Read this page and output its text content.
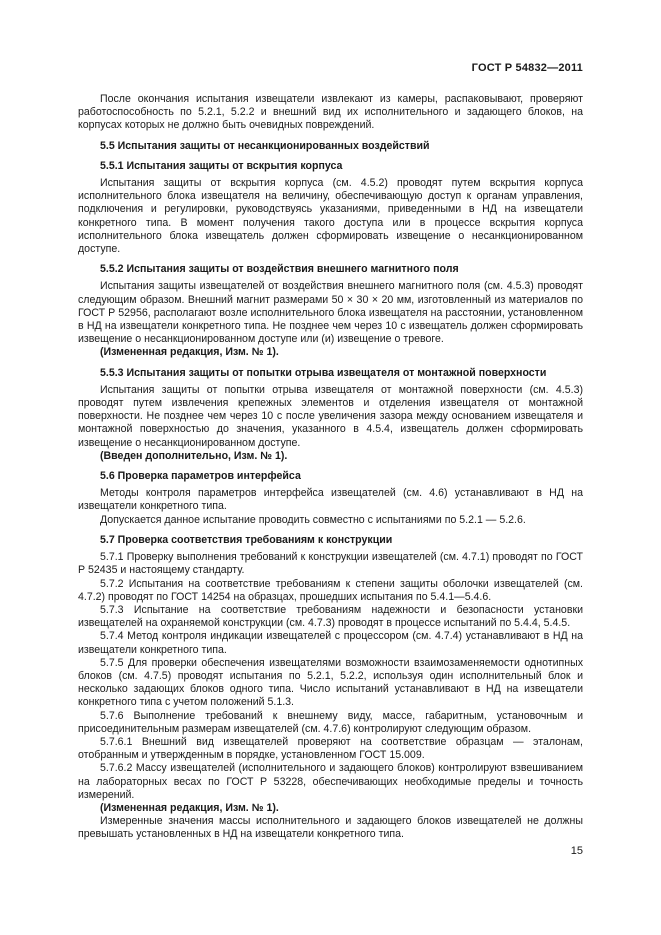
ГОСТ Р 54832—2011

После окончания испытания извещатели извлекают из камеры, распаковывают, проверяют работоспособность по 5.2.1, 5.2.2 и внешний вид их исполнительного и задающего блоков, на корпусах которых не должно быть очевидных повреждений.

5.5 Испытания защиты от несанкционированных воздействий

5.5.1 Испытания защиты от вскрытия корпуса

Испытания защиты от вскрытия корпуса (см. 4.5.2) проводят путем вскрытия корпуса исполнительного блока извещателя на величину, обеспечивающую доступ к органам управления, подключения и регулировки, руководствуясь указаниями, приведенными в НД на извещатели конкретного типа. В момент получения такого доступа или в процессе вскрытия корпуса исполнительного блока извещатель должен сформировать извещение о несанкционированном доступе.

5.5.2 Испытания защиты от воздействия внешнего магнитного поля

Испытания защиты извещателей от воздействия внешнего магнитного поля (см. 4.5.3) проводят следующим образом. Внешний магнит размерами 50 × 30 × 20 мм, изготовленный из материалов по ГОСТ Р 52956, располагают возле исполнительного блока извещателя на расстоянии, установленном в НД на извещатели конкретного типа. Не позднее чем через 10 с извещатель должен сформировать извещение о несанкционированном доступе или (и) извещение о тревоге.

(Измененная редакция, Изм. № 1).

5.5.3 Испытания защиты от попытки отрыва извещателя от монтажной поверхности

Испытания защиты от попытки отрыва извещателя от монтажной поверхности (см. 4.5.3) проводят путем извлечения крепежных элементов и отделения извещателя от монтажной поверхности. Не позднее чем через 10 с после увеличения зазора между основанием извещателя и монтажной поверхностью до значения, указанного в 4.5.4, извещатель должен сформировать извещение о несанкционированном доступе.

(Введен дополнительно, Изм. № 1).

5.6 Проверка параметров интерфейса

Методы контроля параметров интерфейса извещателей (см. 4.6) устанавливают в НД на извещатели конкретного типа.

Допускается данное испытание проводить совместно с испытаниями по 5.2.1 — 5.2.6.

5.7 Проверка соответствия требованиям к конструкции

5.7.1 Проверку выполнения требований к конструкции извещателей (см. 4.7.1) проводят по ГОСТ Р 52435 и настоящему стандарту.

5.7.2 Испытания на соответствие требованиям к степени защиты оболочки извещателей (см. 4.7.2) проводят по ГОСТ 14254 на образцах, прошедших испытания по 5.4.1—5.4.6.

5.7.3 Испытание на соответствие требованиям надежности и безопасности установки извещателей на охраняемой конструкции (см. 4.7.3) проводят в процессе испытаний по 5.4.4, 5.4.5.

5.7.4 Метод контроля индикации извещателей с процессором (см. 4.7.4) устанавливают в НД на извещатели конкретного типа.

5.7.5 Для проверки обеспечения извещателями возможности взаимозаменяемости однотипных блоков (см. 4.7.5) проводят испытания по 5.2.1, 5.2.2, используя один исполнительный блок и несколько задающих блоков одного типа. Число испытаний устанавливают в НД на извещатели конкретного типа с учетом положений 5.1.3.

5.7.6 Выполнение требований к внешнему виду, массе, габаритным, установочным и присоединительным размерам извещателей (см. 4.7.6) контролируют следующим образом.

5.7.6.1 Внешний вид извещателей проверяют на соответствие образцам — эталонам, отобранным и утвержденным в порядке, установленном ГОСТ 15.009.

5.7.6.2 Массу извещателей (исполнительного и задающего блоков) контролируют взвешиванием на лабораторных весах по ГОСТ Р 53228, обеспечивающих необходимые пределы и точность измерений.

(Измененная редакция, Изм. № 1).

Измеренные значения массы исполнительного и задающего блоков извещателей не должны превышать установленных в НД на извещатели конкретного типа.

15
